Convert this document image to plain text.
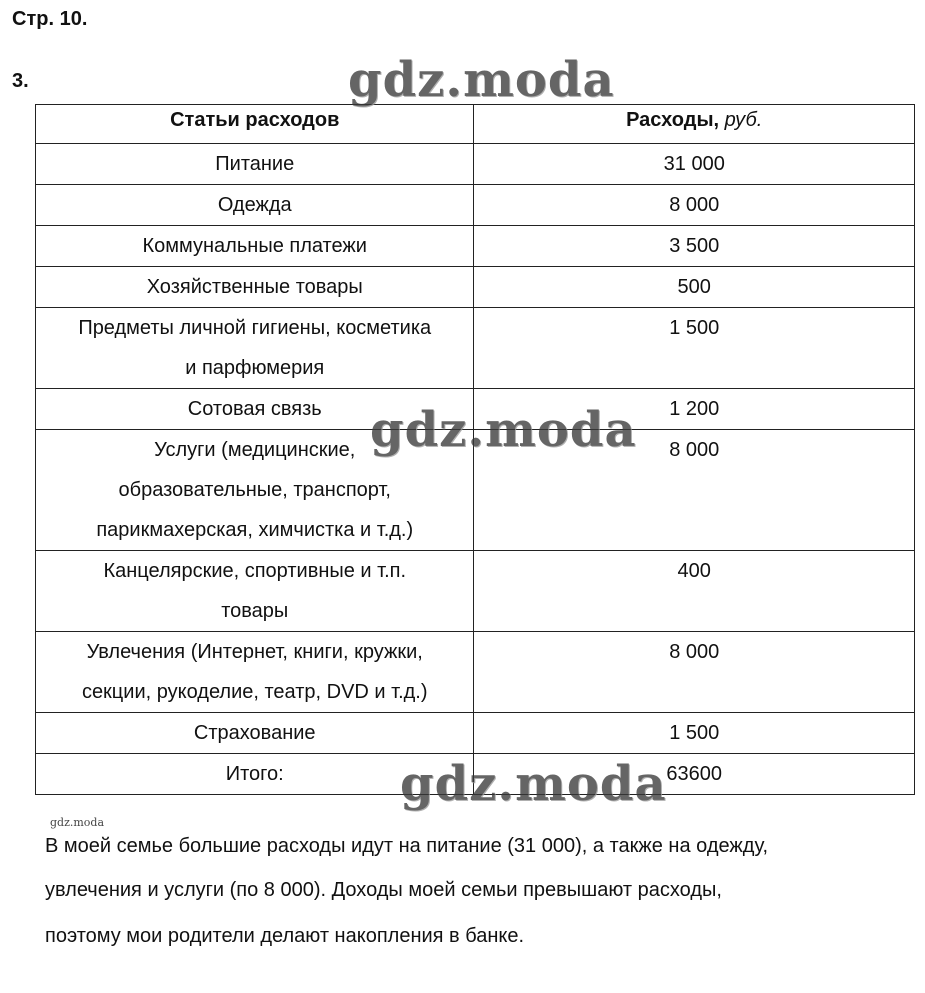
Стр. 10.
3.
Статьи расходов	Расходы, руб.

Питание	31 000

Одежда	8 000

Коммунальные платежи	3 500

Хозяйственные товары	500

Предметы личной гигиены, косметика
и парфюмерия	1 500

Сотовая связь	1 200

Услуги (медицинские,
образовательные, транспорт,
парикмахерская, химчистка и т.д.)	8 000

Канцелярские, спортивные и т.п.
товары	400

Увлечения (Интернет, книги, кружки,
секции, рукоделие, театр, DVD и т.д.)	8 000

Страхование	1 500

Итого:	63600
gdz.moda
gdz.moda
gdz.moda
gdz.moda
В моей семье большие расходы идут на питание (31 000), а также на одежду,
увлечения и услуги (по 8 000). Доходы моей семьи превышают расходы,
поэтому мои родители делают накопления в банке.
